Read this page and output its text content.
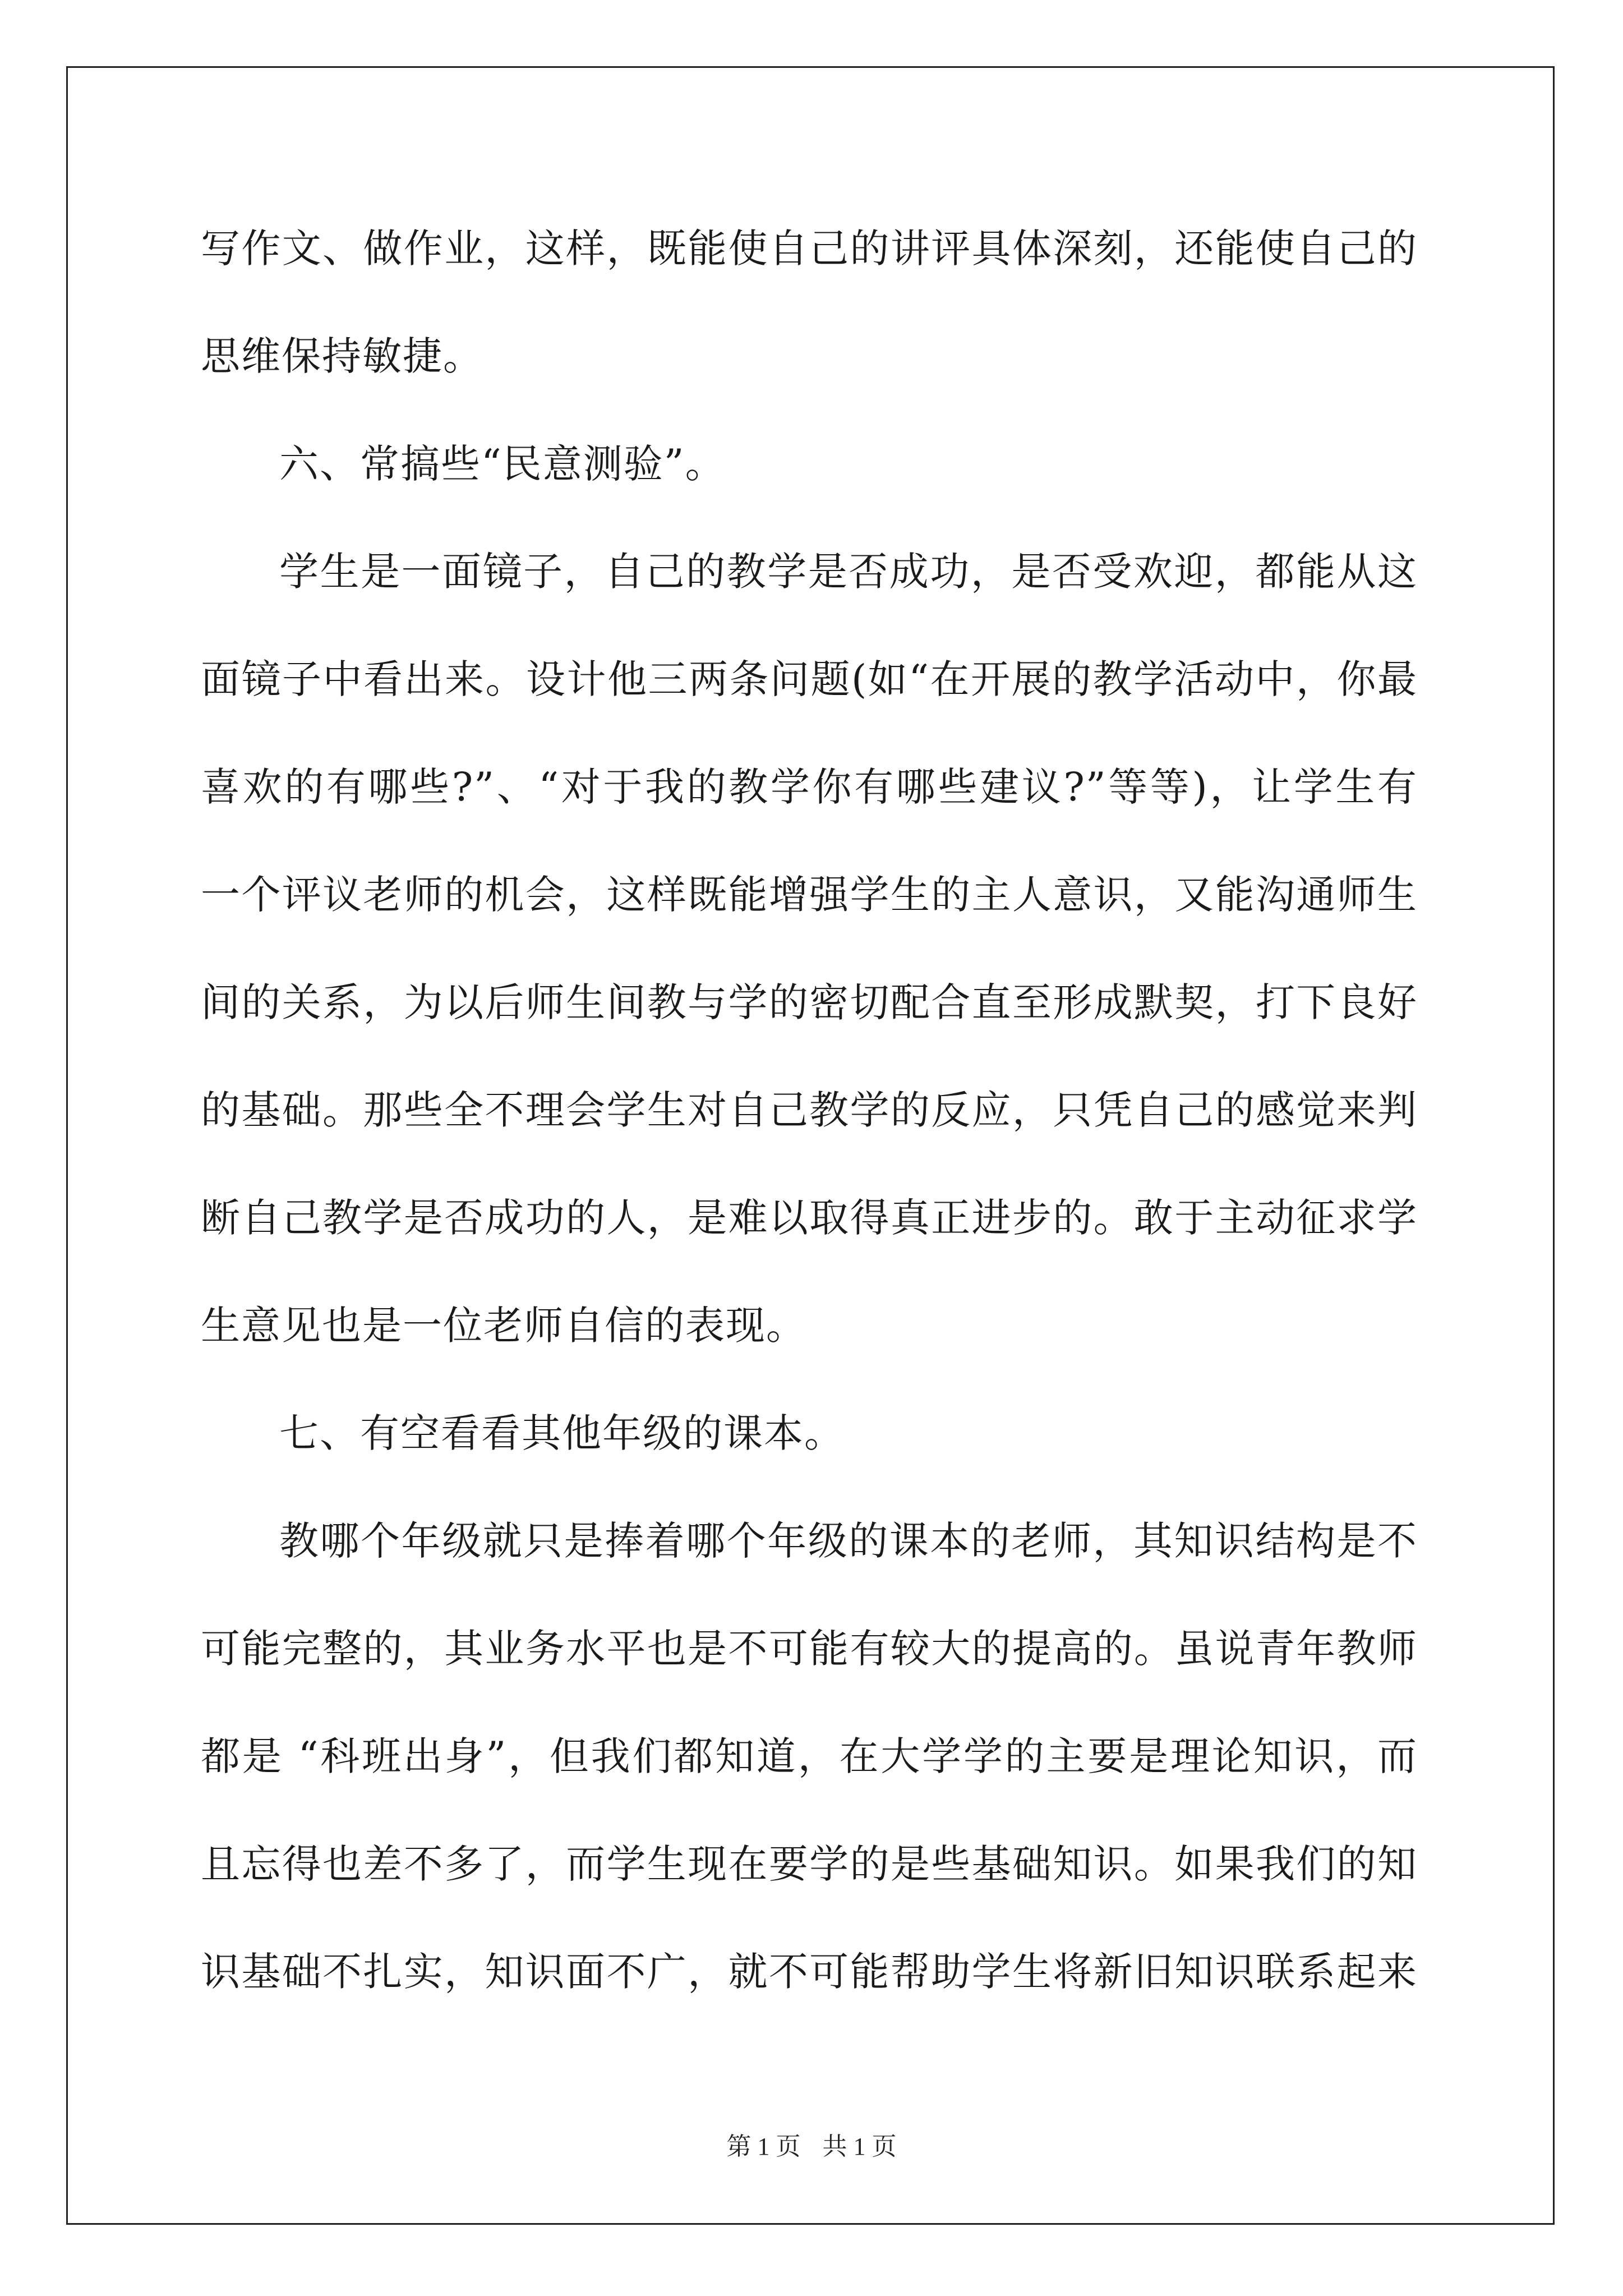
写作文、做作业，这样，既能使自己的讲评具体深刻，还能使自己的
思维保持敏捷。
六、常搞些“民意测验”。
学生是一面镜子，自己的教学是否成功，是否受欢迎，都能从这
面镜子中看出来。设计他三两条问题(如“在开展的教学活动中，你最
喜欢的有哪些?”、“对于我的教学你有哪些建议?”等等)，让学生有
一个评议老师的机会，这样既能增强学生的主人意识，又能沟通师生
间的关系，为以后师生间教与学的密切配合直至形成默契，打下良好
的基础。那些全不理会学生对自己教学的反应，只凭自己的感觉来判
断自己教学是否成功的人，是难以取得真正进步的。敢于主动征求学
生意见也是一位老师自信的表现。
七、有空看看其他年级的课本。
教哪个年级就只是捧着哪个年级的课本的老师，其知识结构是不
可能完整的，其业务水平也是不可能有较大的提高的。虽说青年教师
都是 “科班出身”，但我们都知道，在大学学的主要是理论知识，而
且忘得也差不多了，而学生现在要学的是些基础知识。如果我们的知
识基础不扎实，知识面不广，就不可能帮助学生将新旧知识联系起来
第 1 页 共 1 页
